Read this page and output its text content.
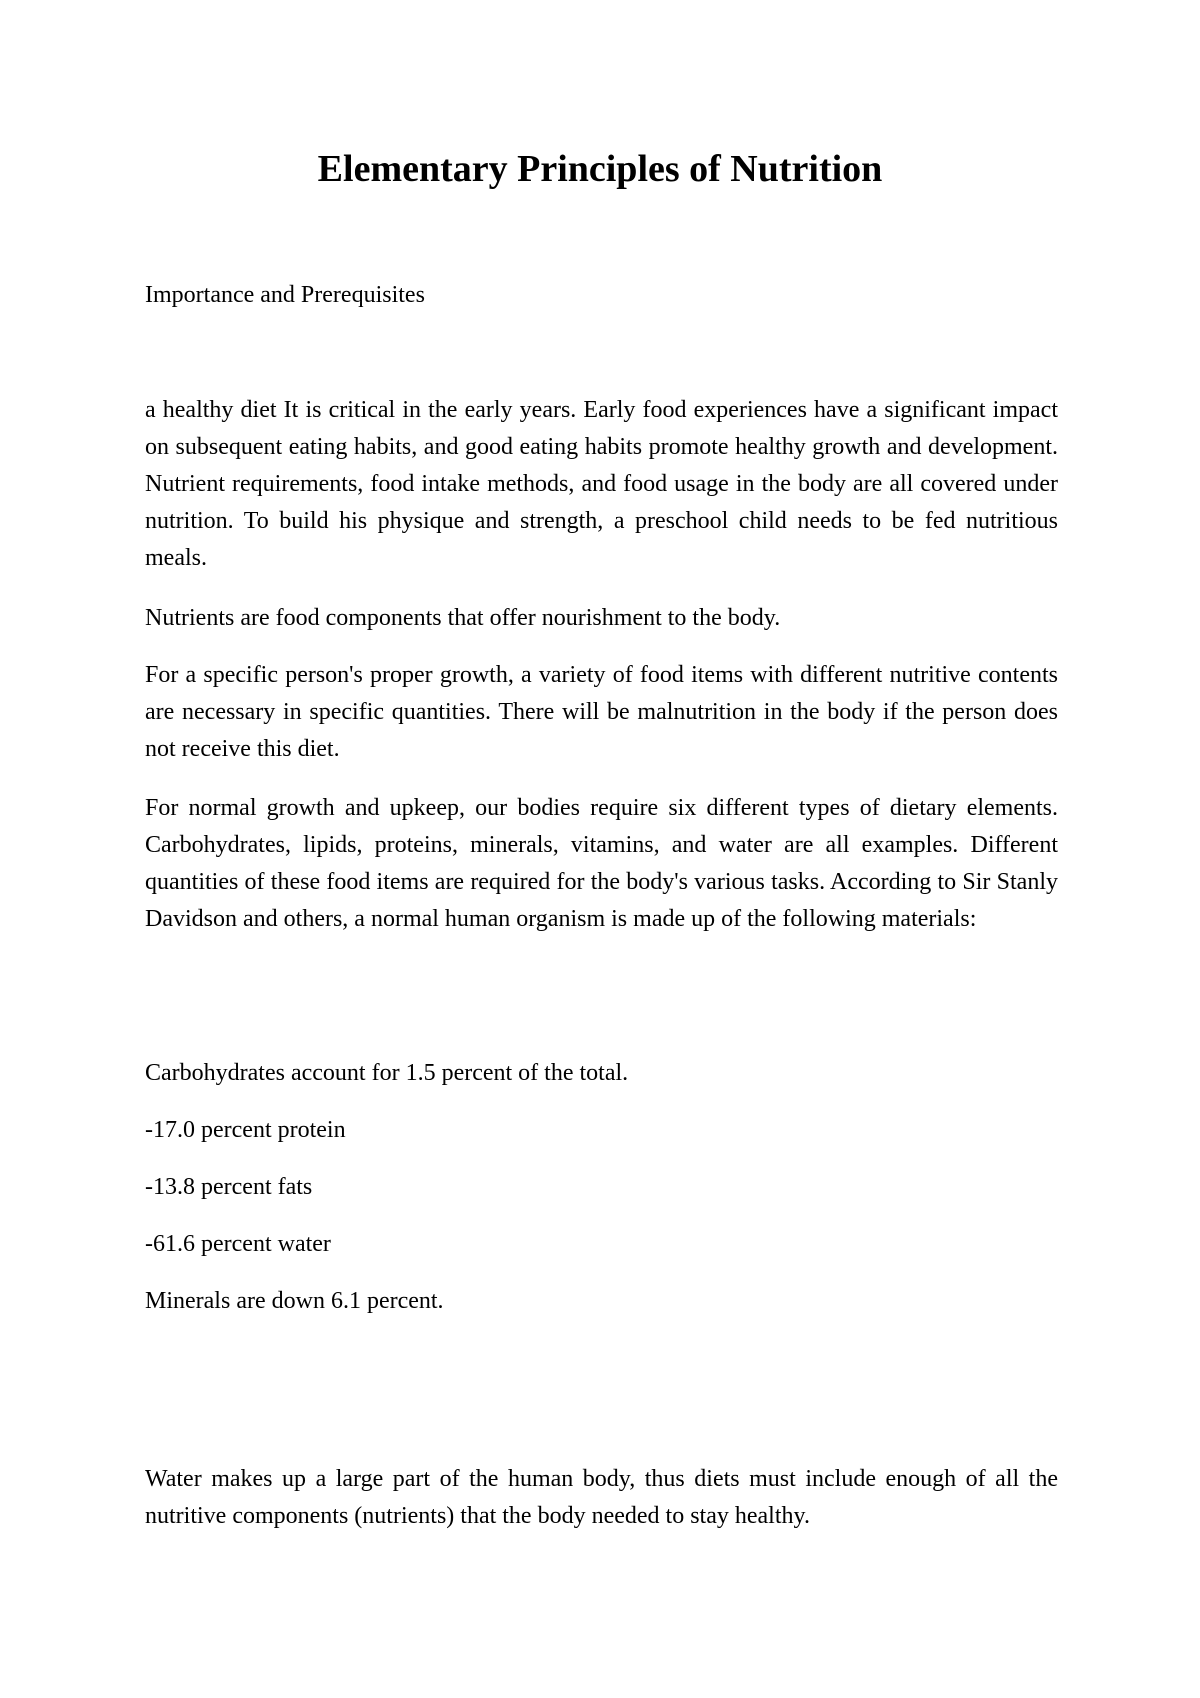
Elementary Principles of Nutrition

Importance and Prerequisites

a healthy diet It is critical in the early years. Early food experiences have a significant impact on subsequent eating habits, and good eating habits promote healthy growth and development. Nutrient requirements, food intake methods, and food usage in the body are all covered under nutrition. To build his physique and strength, a preschool child needs to be fed nutritious meals.

Nutrients are food components that offer nourishment to the body.

For a specific person's proper growth, a variety of food items with different nutritive contents are necessary in specific quantities. There will be malnutrition in the body if the person does not receive this diet.

For normal growth and upkeep, our bodies require six different types of dietary elements. Carbohydrates, lipids, proteins, minerals, vitamins, and water are all examples. Different quantities of these food items are required for the body's various tasks. According to Sir Stanly Davidson and others, a normal human organism is made up of the following materials:

Carbohydrates account for 1.5 percent of the total.

-17.0 percent protein

-13.8 percent fats

-61.6 percent water

Minerals are down 6.1 percent.

Water makes up a large part of the human body, thus diets must include enough of all the nutritive components (nutrients) that the body needed to stay healthy.
